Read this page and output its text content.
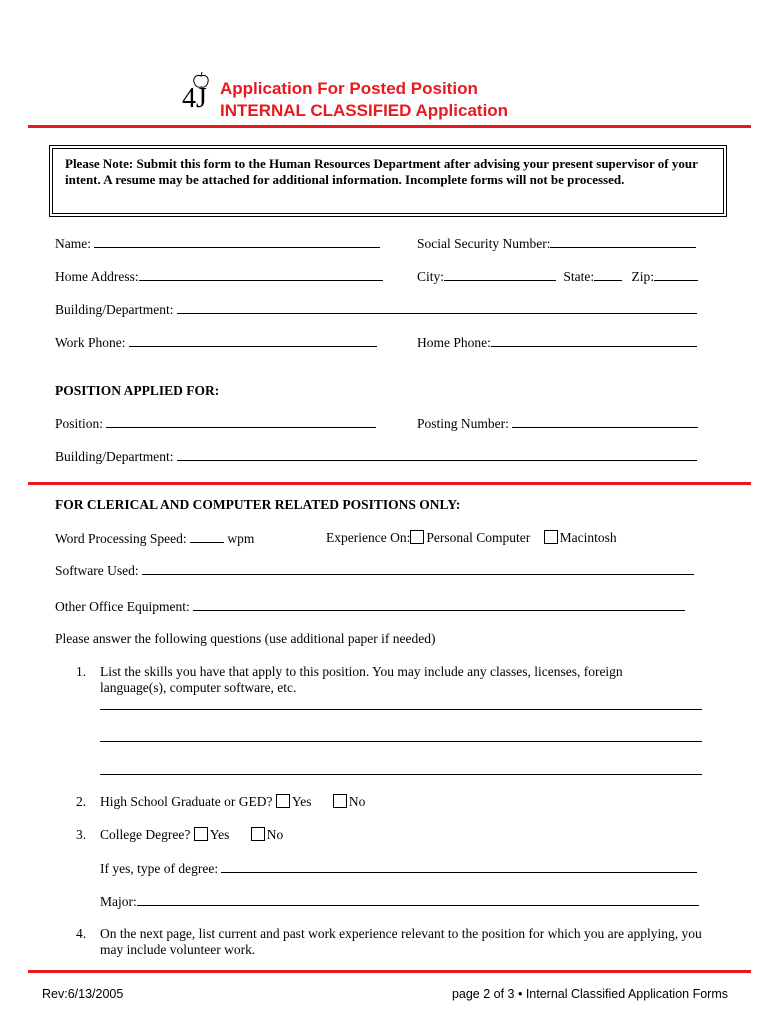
4J Application For Posted Position
INTERNAL CLASSIFIED Application
Please Note: Submit this form to the Human Resources Department after advising your present supervisor of your intent. A resume may be attached for additional information. Incomplete forms will not be processed.
Name:	Social Security Number:
Home Address:	City:	State:	Zip:
Building/Department:
Work Phone:	Home Phone:
POSITION APPLIED FOR:
Position:	Posting Number:
Building/Department:
FOR CLERICAL AND COMPUTER RELATED POSITIONS ONLY:
Word Processing Speed:	wpm	Experience On: Personal Computer Macintosh
Software Used:
Other Office Equipment:
Please answer the following questions (use additional paper if needed)
1. List the skills you have that apply to this position. You may include any classes, licenses, foreign language(s), computer software, etc.
2. High School Graduate or GED? Yes	No
3. College Degree? Yes	No
If yes, type of degree:
Major:
4. On the next page, list current and past work experience relevant to the position for which you are applying, you may include volunteer work.
Rev:6/13/2005	page 2 of 3 • Internal Classified Application Forms
